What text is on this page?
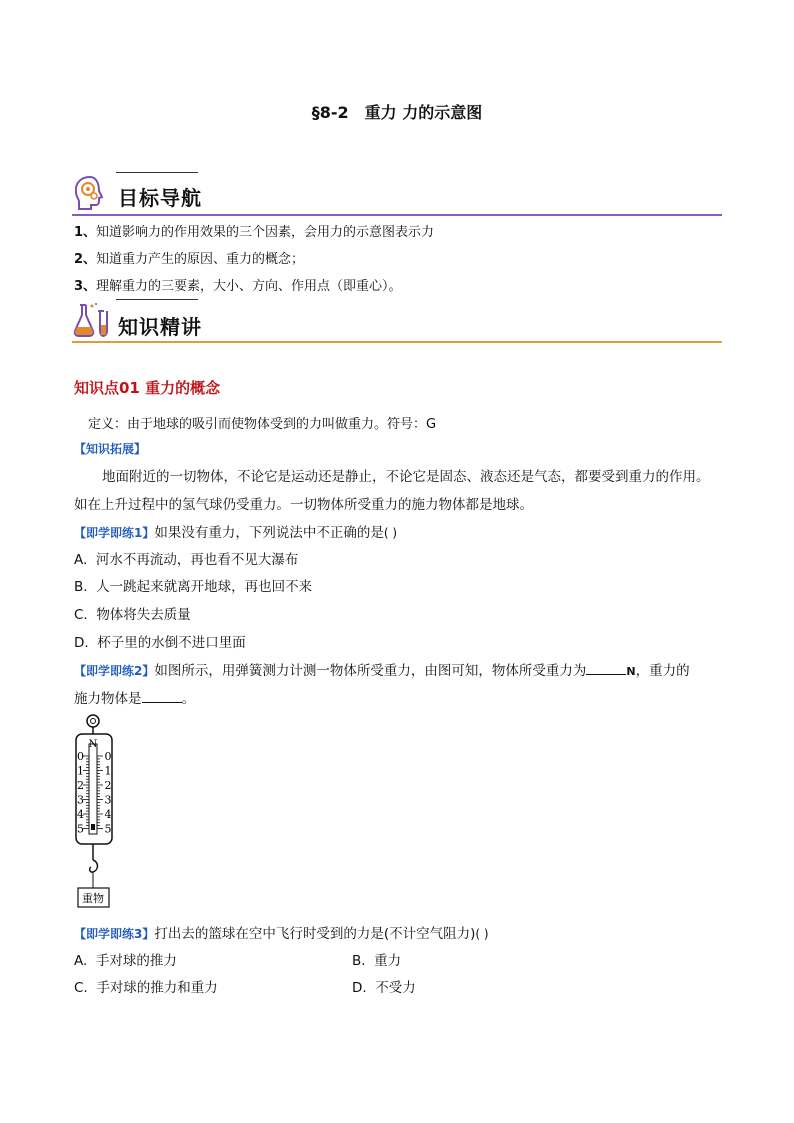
§8-2　重力 力的示意图
目标导航
1、知道影响力的作用效果的三个因素，会用力的示意图表示力
2、知道重力产生的原因、重力的概念；
3、理解重力的三要素，大小、方向、作用点（即重心）。
知识精讲
知识点01 重力的概念
定义：由于地球的吸引而使物体受到的力叫做重力。符号：G
【知识拓展】
地面附近的一切物体，不论它是运动还是静止，不论它是固态、液态还是气态，都要受到重力的作用。
如在上升过程中的氢气球仍受重力。一切物体所受重力的施力物体都是地球。
【即学即练1】如果没有重力，下列说法中不正确的是( )
A. 河水不再流动，再也看不见大瀑布
B. 人一跳起来就离开地球，再也回不来
C. 物体将失去质量
D. 杯子里的水倒不进口里面
【即学即练2】如图所示，用弹簧测力计测一物体所受重力，由图可知，物体所受重力为	N，重力的
施力物体是	。
N
0
1
2
3
4
5
0
1
2
3
4
5
重物
【即学即练3】打出去的篮球在空中飞行时受到的力是(不计空气阻力)( )
A. 手对球的推力	B. 重力
C. 手对球的推力和重力	D. 不受力
